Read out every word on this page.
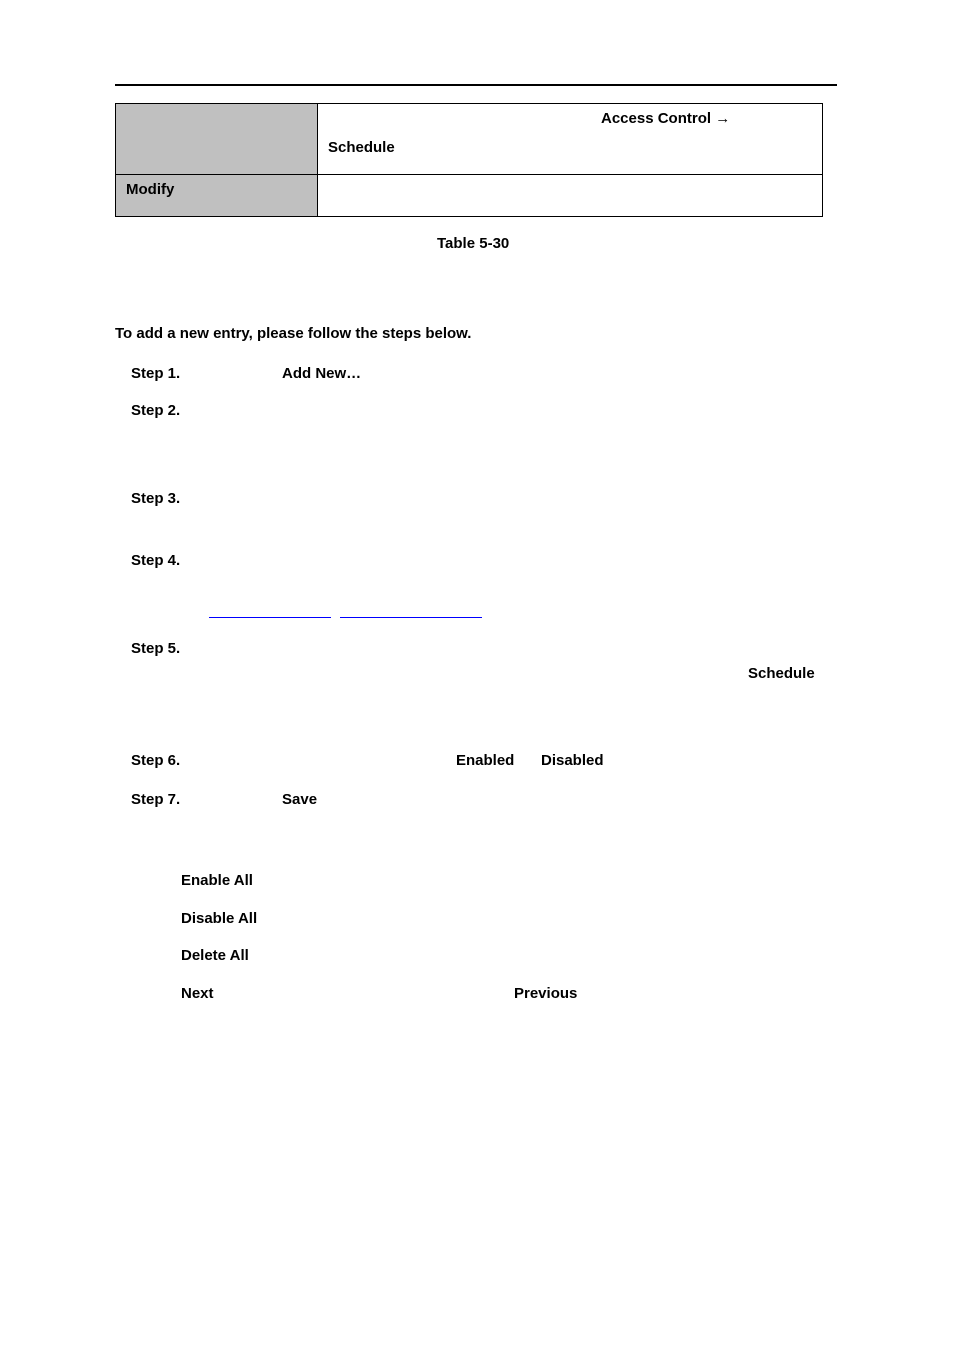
	Access Control →
Schedule

Modify	

Table 5-30
To add a new entry, please follow the steps below.
Step 1.	Add New…
Step 2.
Step 3.
Step 4.
Step 5.
Schedule
Step 6.	Enabled Disabled
Step 7.	Save
Enable All
Disable All
Delete All
Next	Previous
